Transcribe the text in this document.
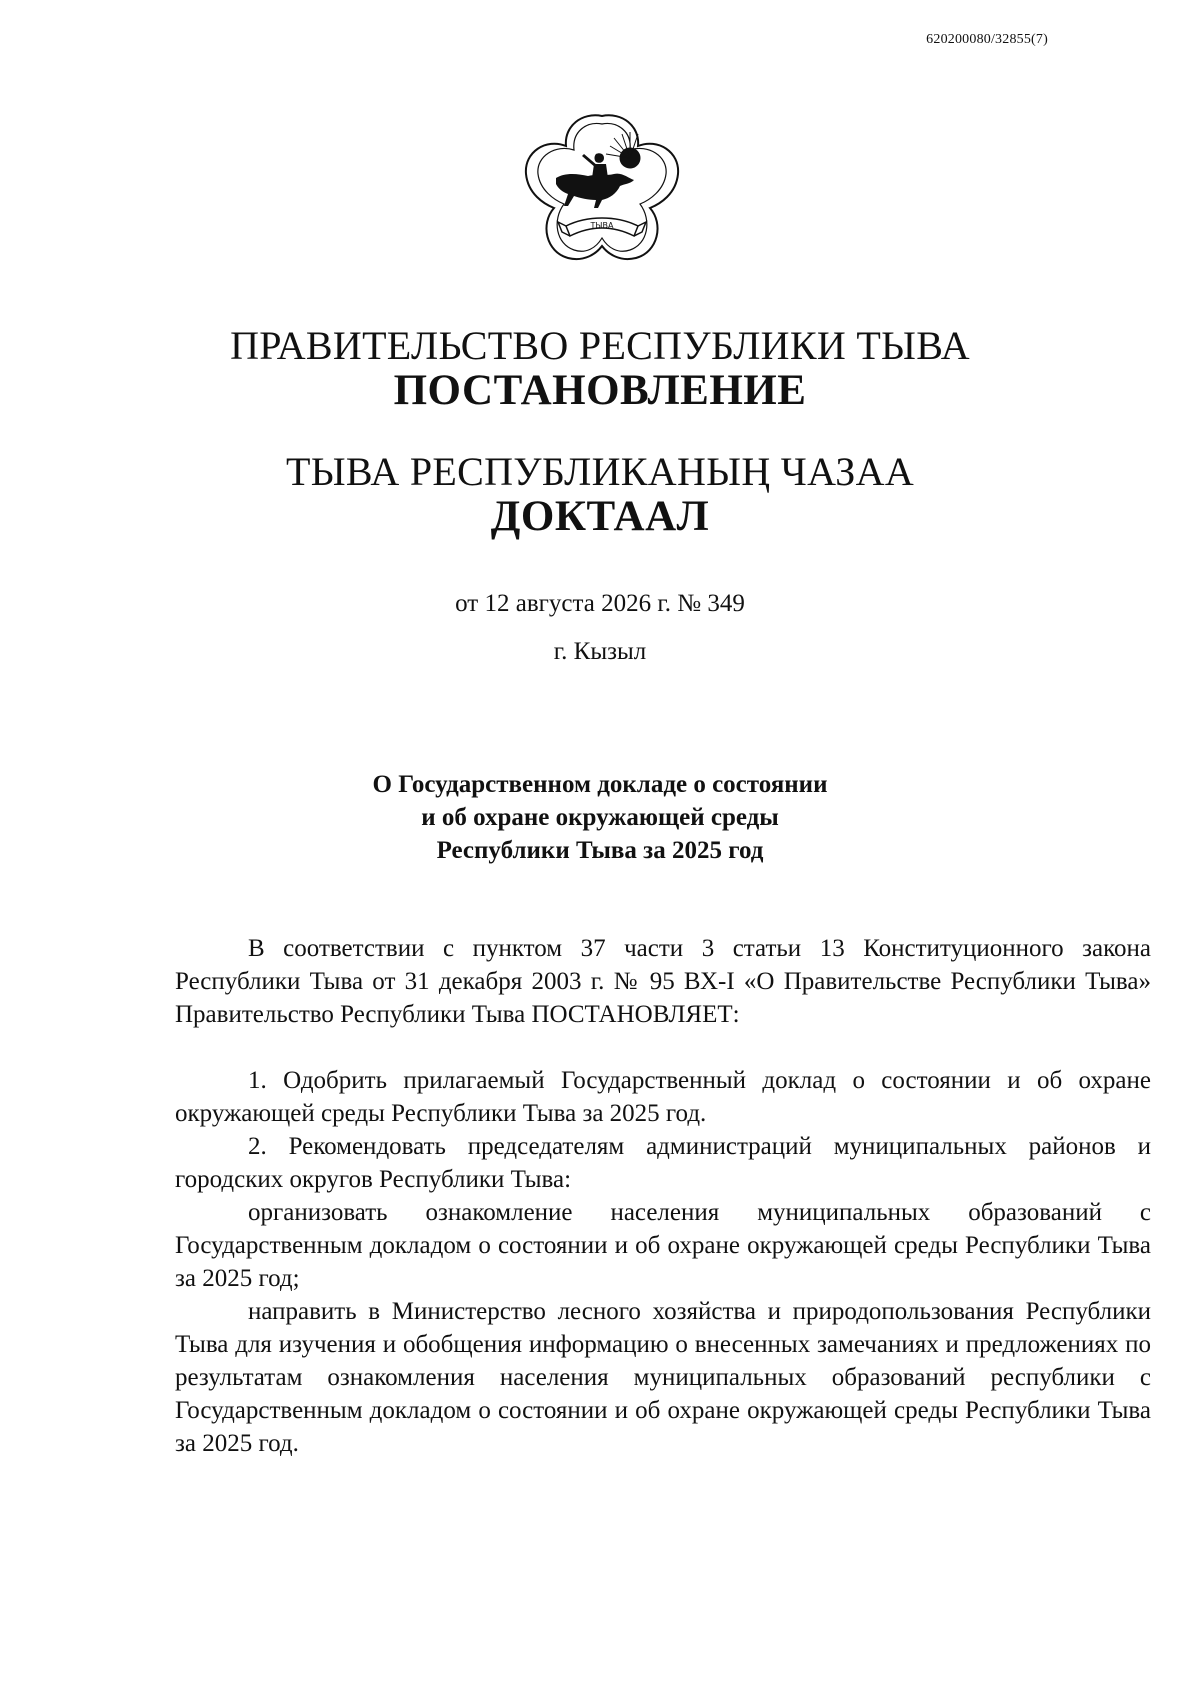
620200080/32855(7)
ТЫВА
ПРАВИТЕЛЬСТВО РЕСПУБЛИКИ ТЫВА
ПОСТАНОВЛЕНИЕ
ТЫВА РЕСПУБЛИКАНЫҢ ЧАЗАА
ДОКТААЛ
от 12 августа 2026 г. № 349
г. Кызыл
О Государственном докладе о состоянии
и об охране окружающей среды
Республики Тыва за 2025 год

В соответствии с пунктом 37 части 3 статьи 13 Конституционного закона Республики Тыва от 31 декабря 2003 г. № 95 ВХ-I «О Правительстве Республики Тыва» Правительство Республики Тыва ПОСТАНОВЛЯЕТ:

1. Одобрить прилагаемый Государственный доклад о состоянии и об охране окружающей среды Республики Тыва за 2025 год.

2. Рекомендовать председателям администраций муниципальных районов и городских округов Республики Тыва:

организовать ознакомление населения муниципальных образований с Государственным докладом о состоянии и об охране окружающей среды Республики Тыва за 2025 год;

направить в Министерство лесного хозяйства и природопользования Республики Тыва для изучения и обобщения информацию о внесенных замечаниях и предложениях по результатам ознакомления населения муниципальных образований республики с Государственным докладом о состоянии и об охране окружающей среды Республики Тыва за 2025 год.
